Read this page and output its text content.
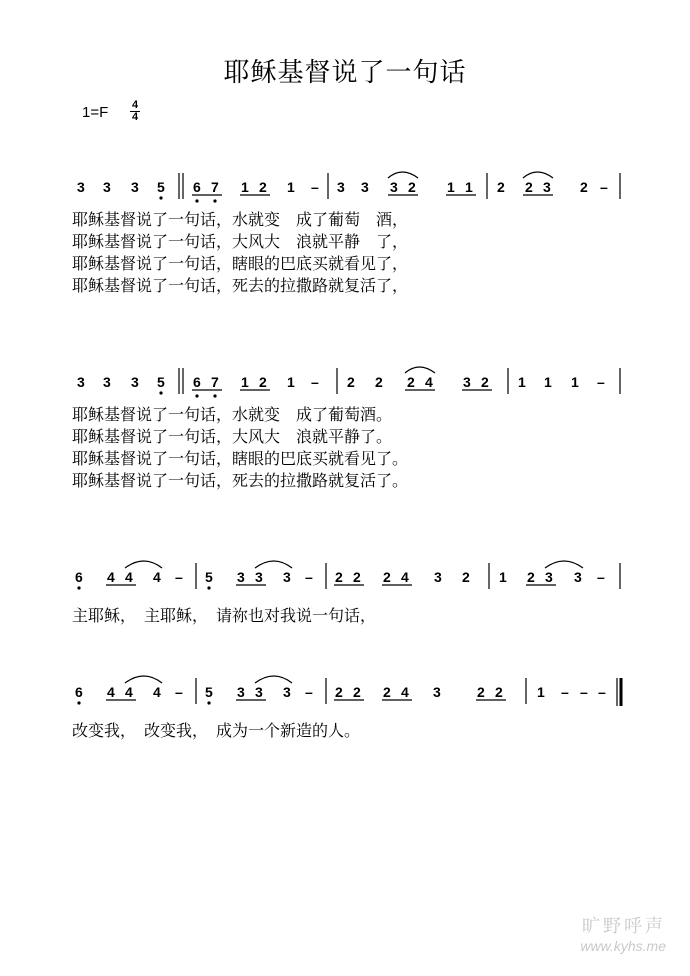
耶稣基督说了一句话
1=F 4
4
3 3 3 5 6 7 1 2 1 – 3 3 3 2 1 1 2 2 3 2 –
3 3 3 5 6 7 1 2 1 – 2 2 2 4 3 2 1 1 1 –
6 4 4 4 – 5 3 3 3 – 2 2 2 4 3 2 1 2 3 3 –
6 4 4 4 – 5 3 3 3 – 2 2 2 4 3	2 2 1 – – –
耶稣基督说了一句话，水就变　成了葡萄　酒，
耶稣基督说了一句话，大风大　浪就平静　了，
耶稣基督说了一句话，瞎眼的巴底买就看见了，
耶稣基督说了一句话，死去的拉撒路就复活了，
耶稣基督说了一句话，水就变　成了葡萄酒。
耶稣基督说了一句话，大风大　浪就平静了。
耶稣基督说了一句话，瞎眼的巴底买就看见了。
耶稣基督说了一句话，死去的拉撒路就复活了。
主耶稣，　主耶稣，　请祢也对我说一句话，
改变我，　改变我，　成为一个新造的人。
旷野呼声
www.kyhs.me
